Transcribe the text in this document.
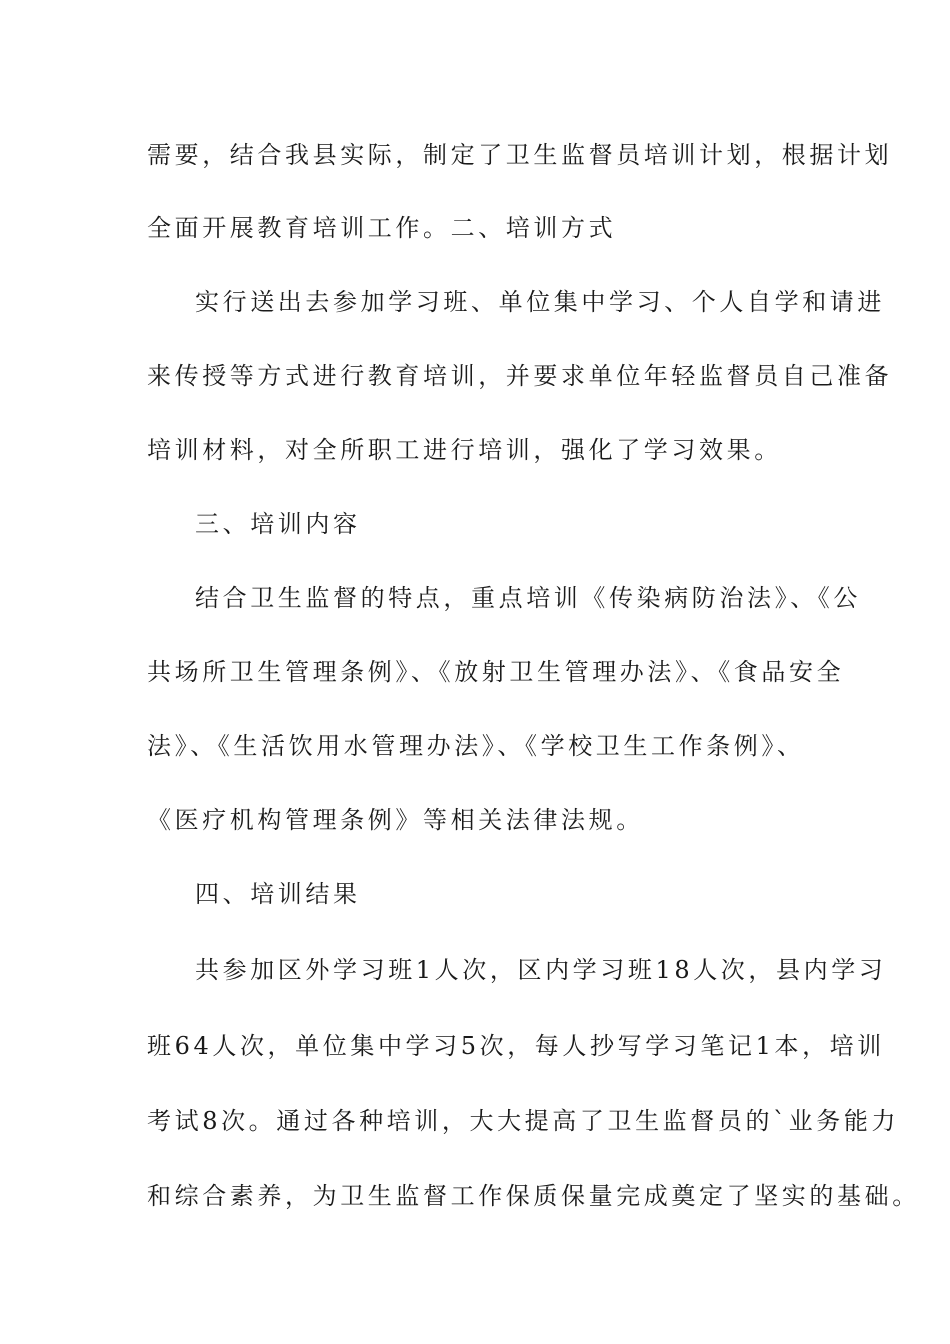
需要，结合我县实际，制定了卫生监督员培训计划，根据计划
全面开展教育培训工作。二、培训方式
实行送出去参加学习班、单位集中学习、个人自学和请进
来传授等方式进行教育培训，并要求单位年轻监督员自己准备
培训材料，对全所职工进行培训，强化了学习效果。
三、培训内容
结合卫生监督的特点，重点培训《传染病防治法》、《公
共场所卫生管理条例》、《放射卫生管理办法》、《食品安全
法》、《生活饮用水管理办法》、《学校卫生工作条例》、
《医疗机构管理条例》等相关法律法规。
四、培训结果
共参加区外学习班1人次，区内学习班18人次，县内学习
班64人次，单位集中学习5次，每人抄写学习笔记1本，培训
考试8次。通过各种培训，大大提高了卫生监督员的`业务能力
和综合素养，为卫生监督工作保质保量完成奠定了坚实的基础。
